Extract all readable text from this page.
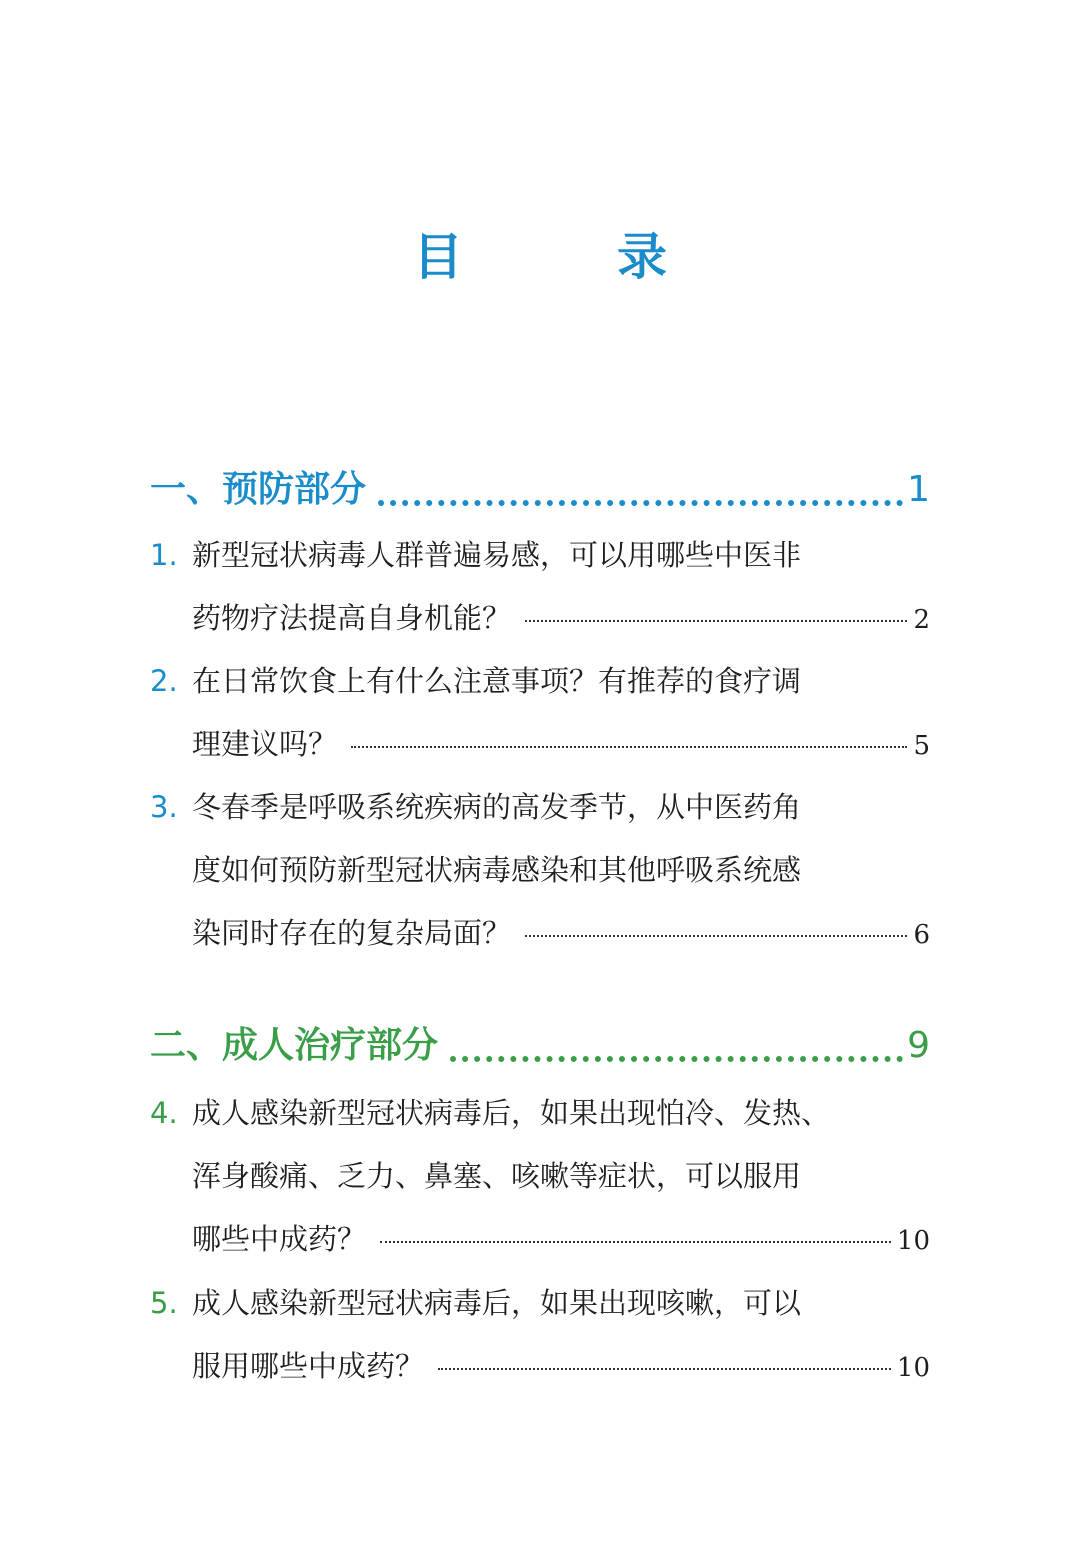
目　录
一、预防部分	1
1. 新型冠状病毒人群普遍易感，可以用哪些中医非
药物疗法提高自身机能？	2
2. 在日常饮食上有什么注意事项？有推荐的食疗调
理建议吗？	5
3. 冬春季是呼吸系统疾病的高发季节，从中医药角
度如何预防新型冠状病毒感染和其他呼吸系统感
染同时存在的复杂局面？	6
二、成人治疗部分	9
4. 成人感染新型冠状病毒后，如果出现怕冷、发热、
浑身酸痛、乏力、鼻塞、咳嗽等症状，可以服用
哪些中成药？	10
5. 成人感染新型冠状病毒后，如果出现咳嗽，可以
服用哪些中成药？	10
